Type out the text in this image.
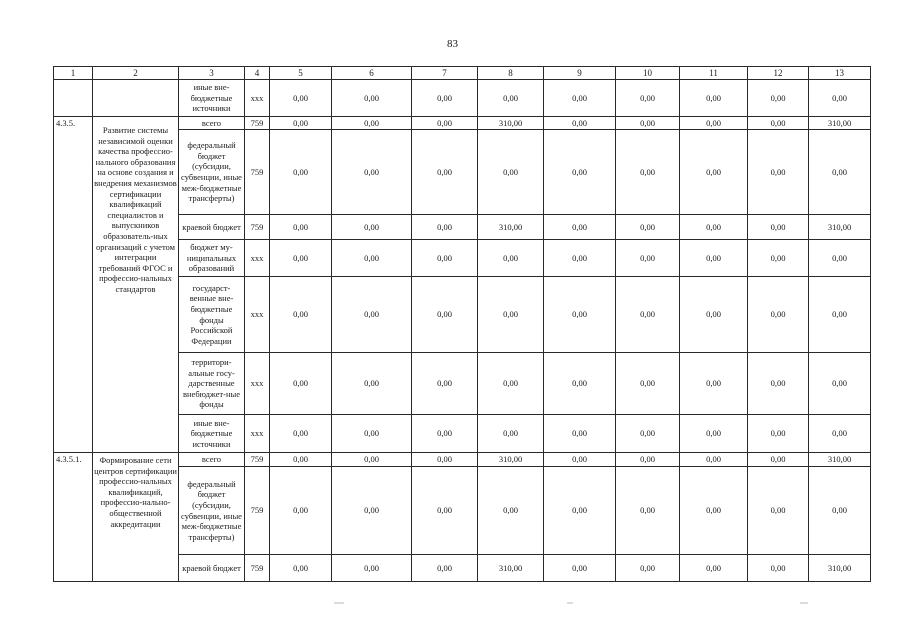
83
1	2	3	4	5	6	7	8	9	10	11	12	13
		иные вне-бюджетные источники	xxx	0,00	0,00	0,00	0,00	0,00	0,00	0,00	0,00	0,00
4.3.5.	Развитие системы независимой оценки качества профессио-нального образования на основе создания и внедрения механизмов сертификации квалификаций специалистов и выпускников образователь-ных организаций с учетом интеграции требований ФГОС и профессио-нальных стандартов	всего	759	0,00	0,00	0,00	310,00	0,00	0,00	0,00	0,00	310,00
		федеральный бюджет (субсидии, субвенции, иные меж-бюджетные трансферты)	759	0,00	0,00	0,00	0,00	0,00	0,00	0,00	0,00	0,00
		краевой бюджет	759	0,00	0,00	0,00	310,00	0,00	0,00	0,00	0,00	310,00
		бюджет му-ниципальных образований	xxx	0,00	0,00	0,00	0,00	0,00	0,00	0,00	0,00	0,00
		государст-венные вне-бюджетные фонды Российской Федерации	xxx	0,00	0,00	0,00	0,00	0,00	0,00	0,00	0,00	0,00
		территори-альные госу-дарственные внебюджет-ные фонды	xxx	0,00	0,00	0,00	0,00	0,00	0,00	0,00	0,00	0,00
		иные вне-бюджетные источники	xxx	0,00	0,00	0,00	0,00	0,00	0,00	0,00	0,00	0,00
4.3.5.1.	Формирование сети центров сертификации профессио-нальных квалификаций, профессио-нально-общественной аккредитации	всего	759	0,00	0,00	0,00	310,00	0,00	0,00	0,00	0,00	310,00
		федеральный бюджет (субсидии, субвенции, иные меж-бюджетные трансферты)	759	0,00	0,00	0,00	0,00	0,00	0,00	0,00	0,00	0,00
		краевой бюджет	759	0,00	0,00	0,00	310,00	0,00	0,00	0,00	0,00	310,00
